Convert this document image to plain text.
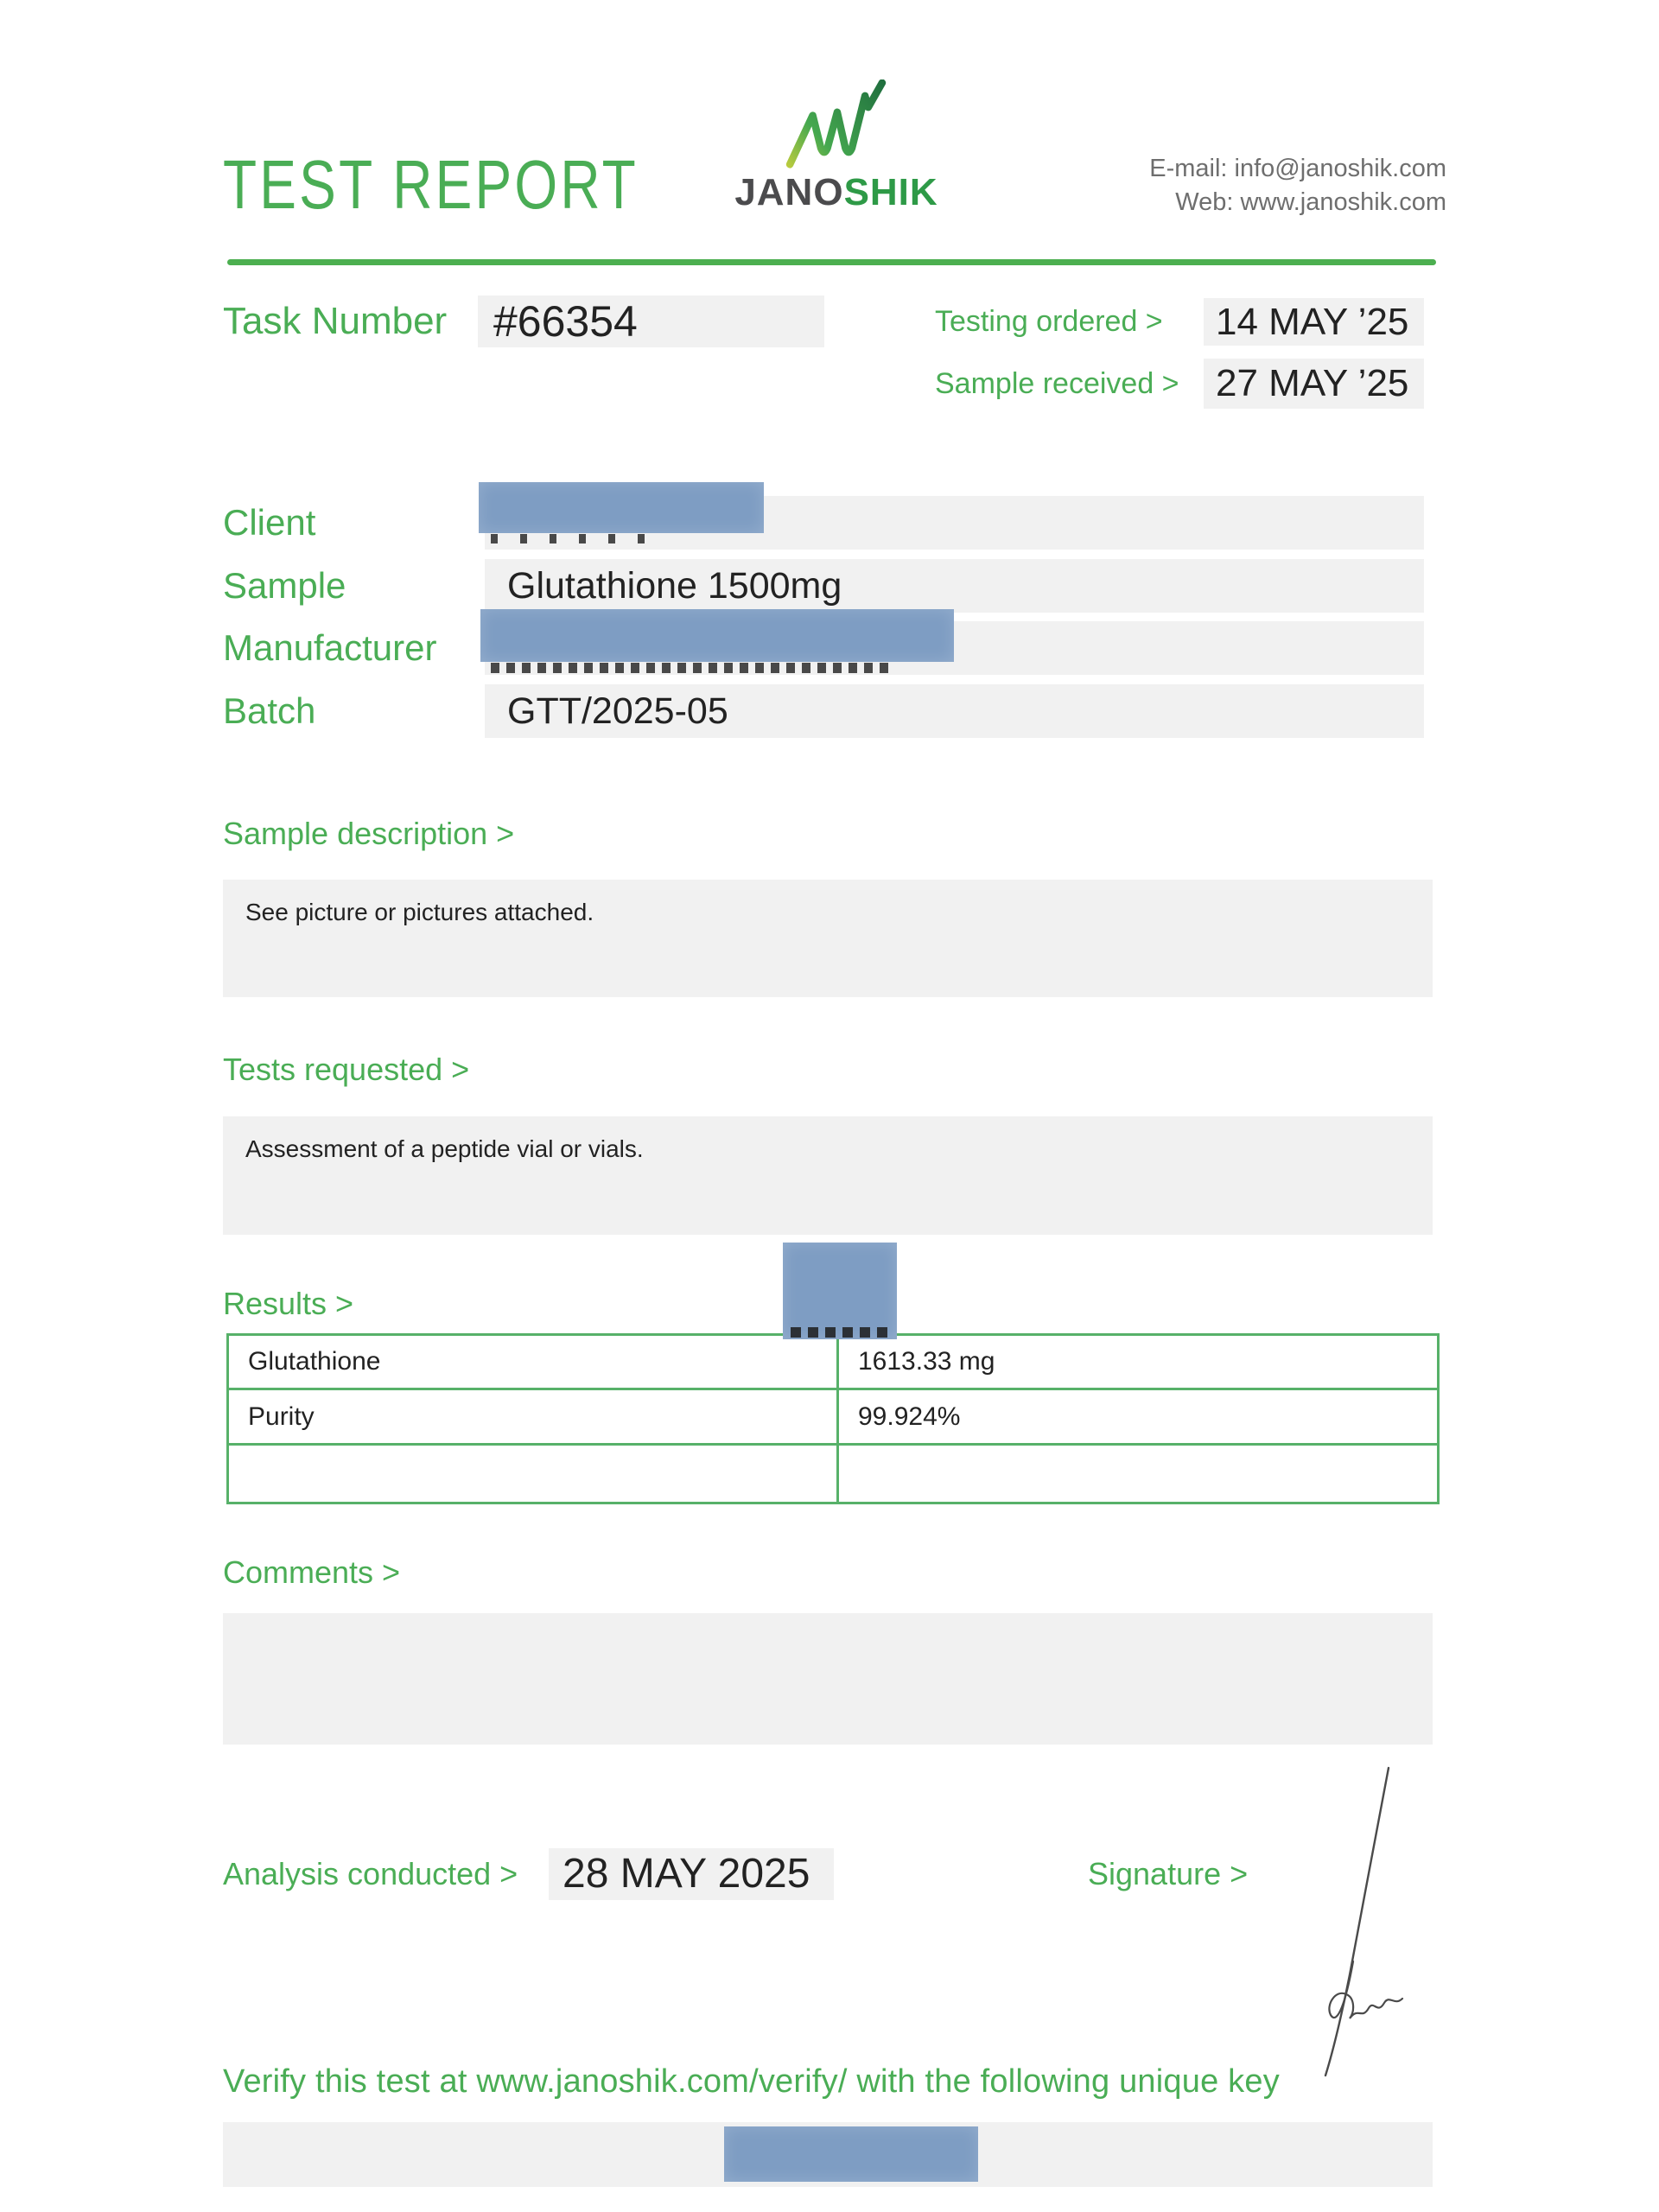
TEST REPORT	JANOSHIK
E-mail: info@janoshik.com
Web: www.janoshik.com
Task Number	#66354	Testing ordered >	14 MAY ’25
Sample received > 27 MAY ’25
Client
Sample	Glutathione 1500mg
Manufacturer
Batch	GTT/2025-05
Sample description >
See picture or pictures attached.
Tests requested >
Assessment of a peptide vial or vials.
Results >
Glutathione	1613.33 mg
Purity	99.924%
Comments >
Analysis conducted >	28 MAY 2025	Signature >
Verify this test at www.janoshik.com/verify/ with the following unique key
